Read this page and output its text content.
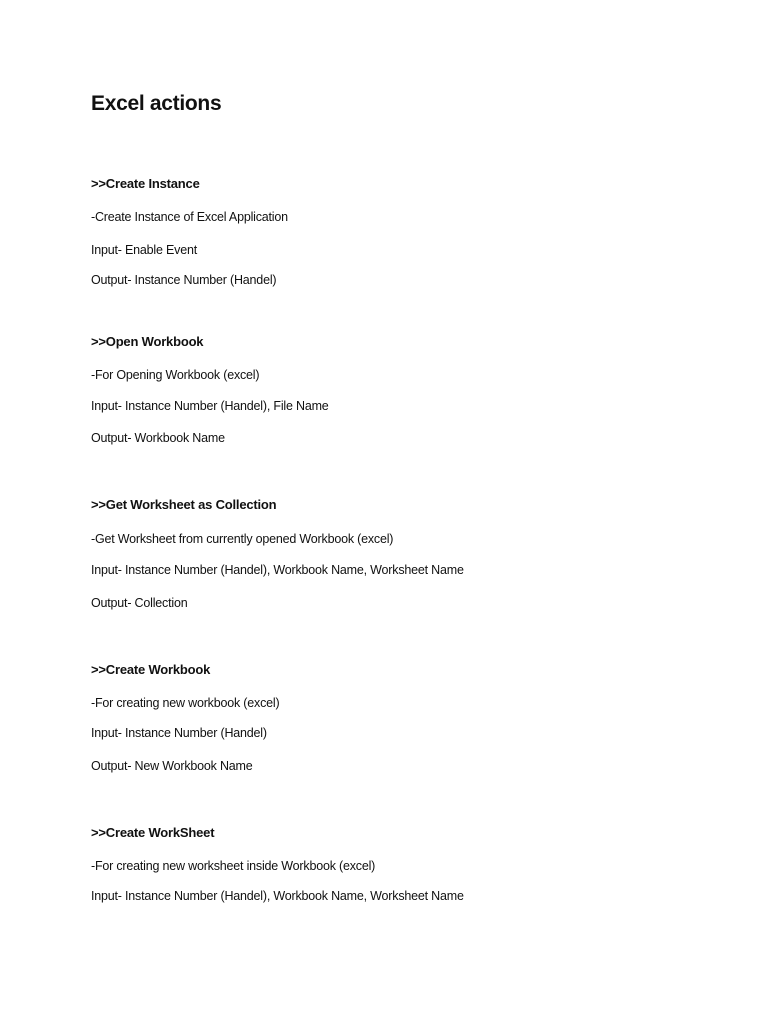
Excel actions
>>Create Instance
-Create Instance of Excel Application
Input- Enable Event
Output- Instance Number (Handel)
>>Open Workbook
-For Opening Workbook (excel)
Input- Instance Number (Handel), File Name
Output- Workbook Name
>>Get Worksheet as Collection
-Get Worksheet from currently opened Workbook (excel)
Input- Instance Number (Handel), Workbook Name, Worksheet Name
Output- Collection
>>Create Workbook
-For creating new workbook (excel)
Input- Instance Number (Handel)
Output- New Workbook Name
>>Create WorkSheet
-For creating new worksheet inside Workbook (excel)
Input- Instance Number (Handel), Workbook Name, Worksheet Name
